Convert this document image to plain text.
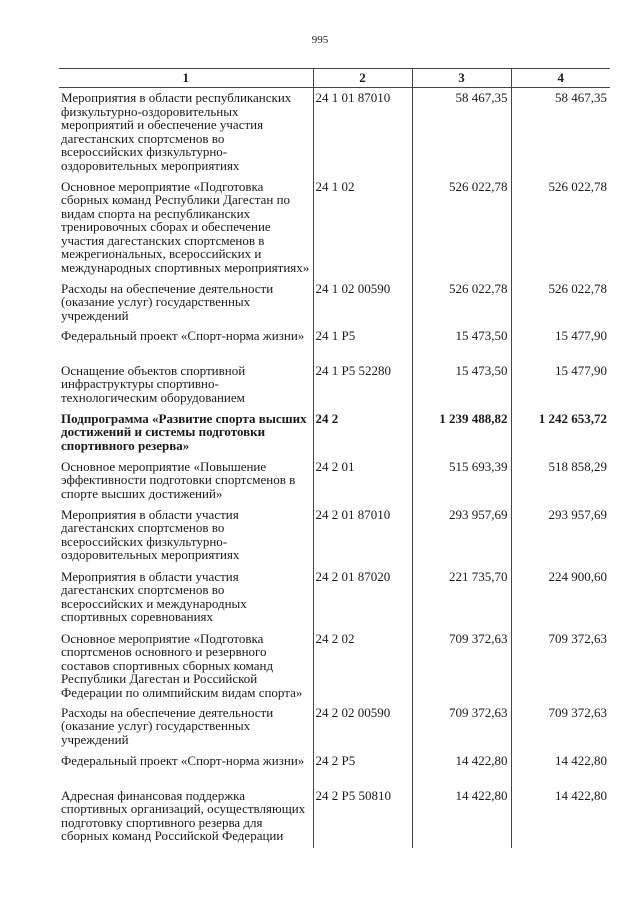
995
1	2	3	4
Мероприятия в области республиканских физкультурно-оздоровительных мероприятий и обеспечение участия дагестанских спортсменов во всероссийских физкультурно-оздоровительных мероприятиях	24 1 01 87010	58 467,35	58 467,35
Основное мероприятие «Подготовка сборных команд Республики Дагестан по видам спорта на республиканских тренировочных сборах и обеспечение участия дагестанских спортсменов в межрегиональных, всероссийских и международных спортивных мероприятиях»	24 1 02	526 022,78	526 022,78
Расходы на обеспечение деятельности (оказание услуг) государственных учреждений	24 1 02 00590	526 022,78	526 022,78
Федеральный проект «Спорт-норма жизни»	24 1 P5	15 473,50	15 477,90
Оснащение объектов спортивной инфраструктуры спортивно-технологическим оборудованием	24 1 P5 52280	15 473,50	15 477,90
Подпрограмма «Развитие спорта высших достижений и системы подготовки спортивного резерва»	24 2	1 239 488,82	1 242 653,72
Основное мероприятие «Повышение эффективности подготовки спортсменов в спорте высших достижений»	24 2 01	515 693,39	518 858,29
Мероприятия в области участия дагестанских спортсменов во всероссийских физкультурно-оздоровительных мероприятиях	24 2 01 87010	293 957,69	293 957,69
Мероприятия в области участия дагестанских спортсменов во всероссийских и международных спортивных соревнованиях	24 2 01 87020	221 735,70	224 900,60
Основное мероприятие «Подготовка спортсменов основного и резервного составов спортивных сборных команд Республики Дагестан и Российской Федерации по олимпийским видам спорта»	24 2 02	709 372,63	709 372,63
Расходы на обеспечение деятельности (оказание услуг) государственных учреждений	24 2 02 00590	709 372,63	709 372,63
Федеральный проект «Спорт-норма жизни»	24 2 P5	14 422,80	14 422,80
Адресная финансовая поддержка спортивных организаций, осуществляющих подготовку спортивного резерва для сборных команд Российской Федерации	24 2 P5 50810	14 422,80	14 422,80
